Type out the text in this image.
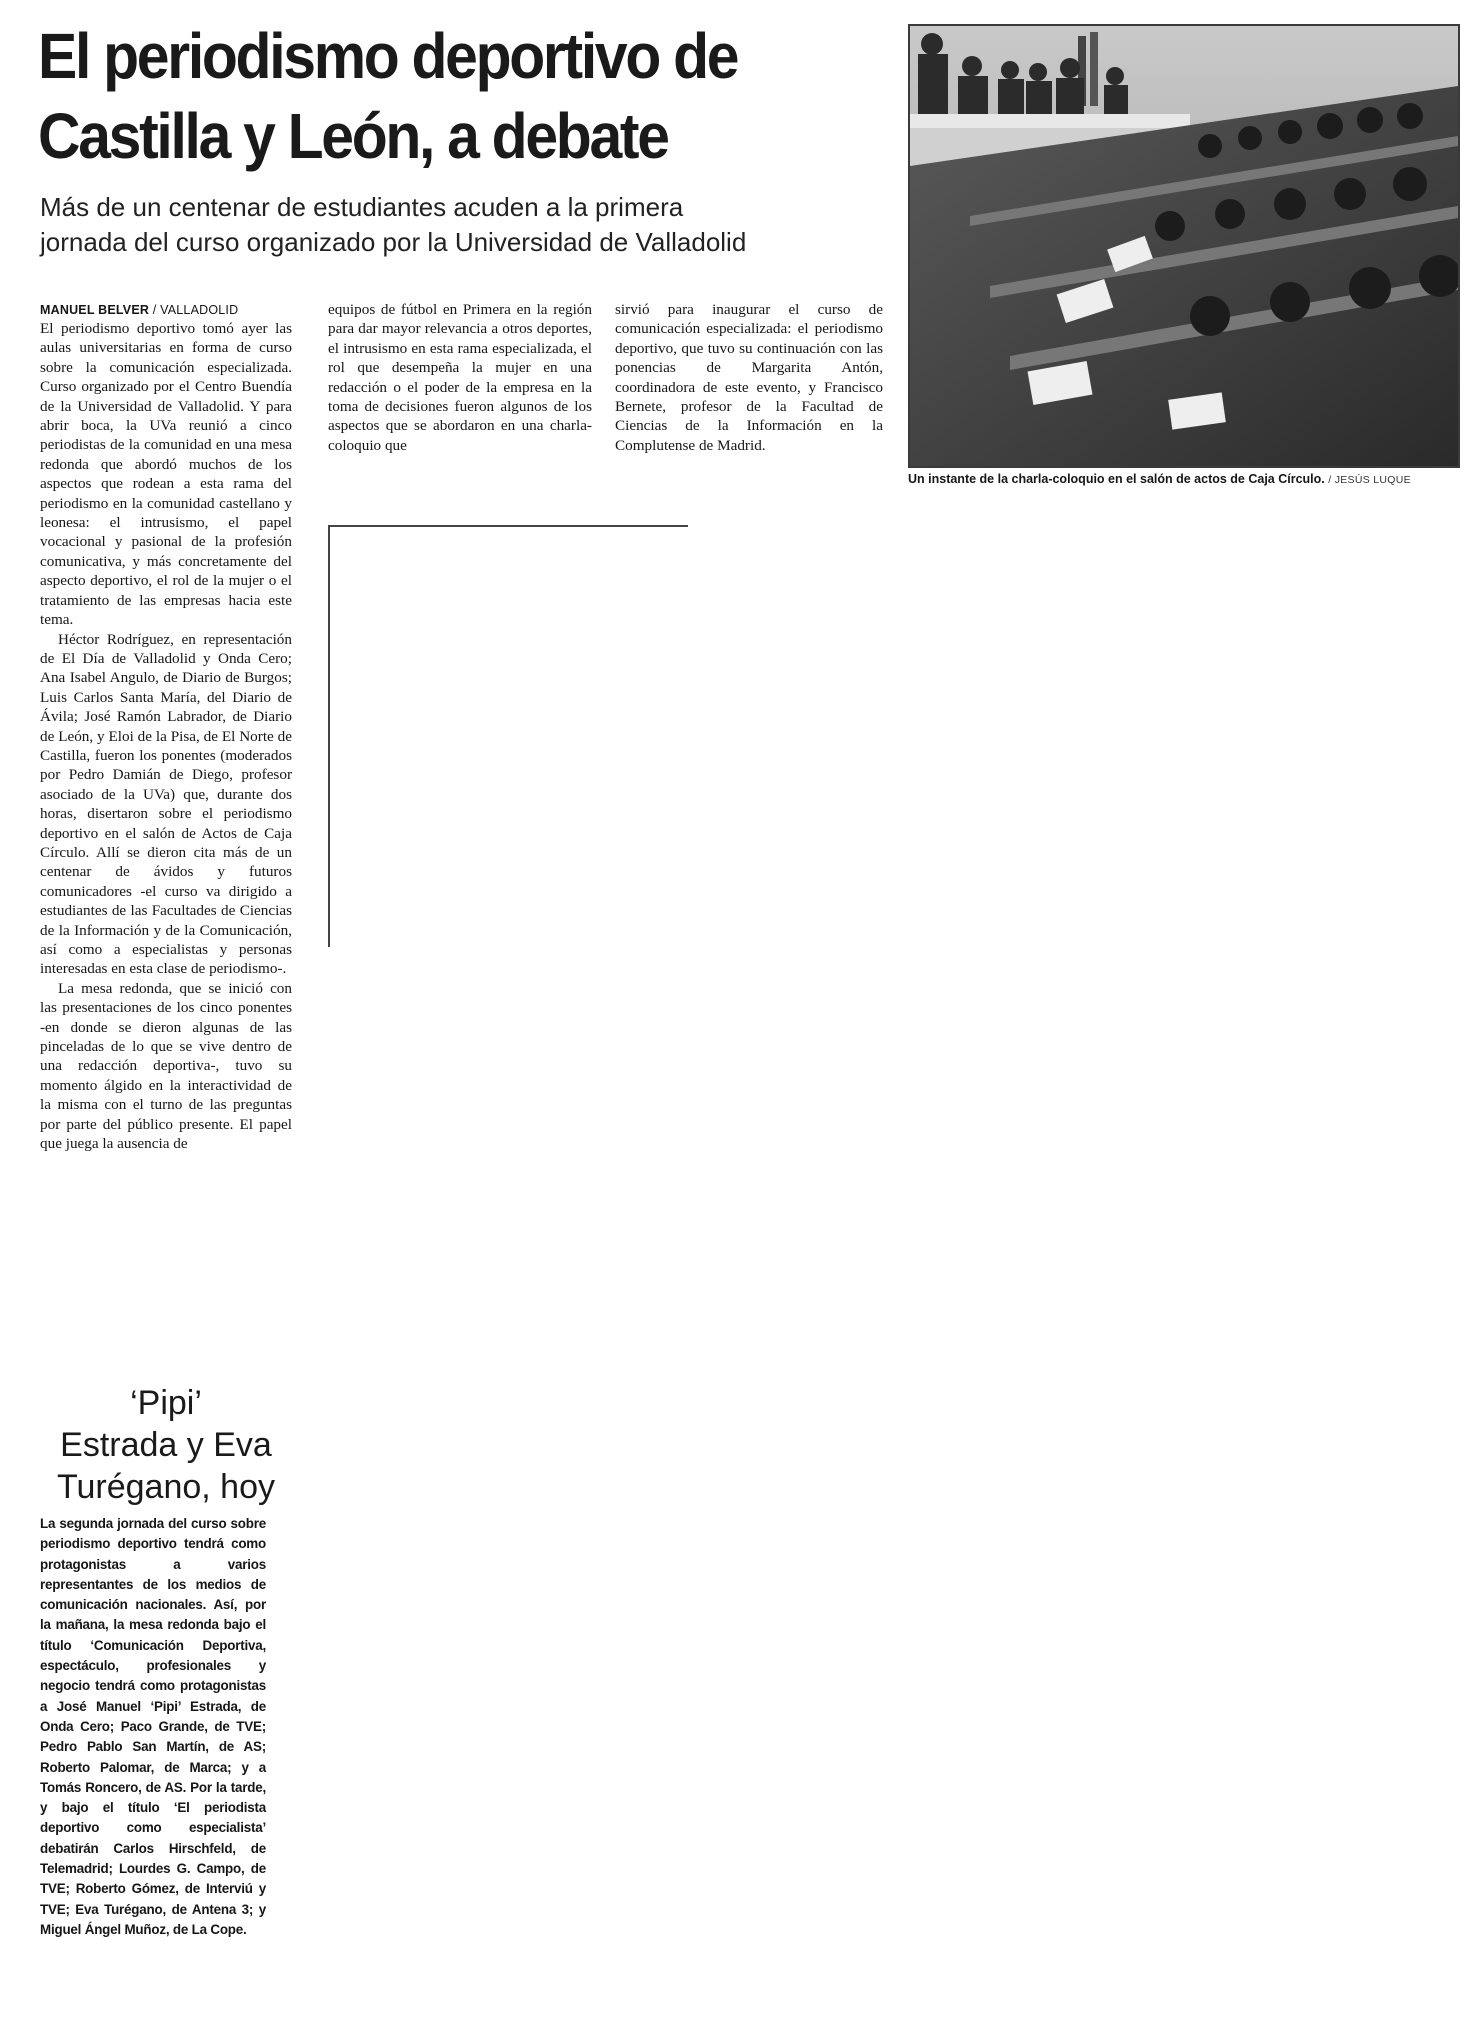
El periodismo deportivo de
Castilla y León, a debate
Más de un centenar de estudiantes acuden a la primera
jornada del curso organizado por la Universidad de Valladolid
MANUEL BELVER / VALLADOLID

El periodismo deportivo tomó ayer las aulas universitarias en forma de curso sobre la comunicación especializada. Curso organizado por el Centro Buendía de la Universidad de Valladolid. Y para abrir boca, la UVa reunió a cinco periodistas de la comunidad en una mesa redonda que abordó muchos de los aspectos que rodean a esta rama del periodismo en la comunidad castellano y leonesa: el intrusismo, el papel vocacional y pasional de la profesión comunicativa, y más concretamente del aspecto deportivo, el rol de la mujer o el tratamiento de las empresas hacia este tema.

Héctor Rodríguez, en representación de El Día de Valladolid y Onda Cero; Ana Isabel Angulo, de Diario de Burgos; Luis Carlos Santa María, del Diario de Ávila; José Ramón Labrador, de Diario de León, y Eloi de la Pisa, de El Norte de Castilla, fueron los ponentes (moderados por Pedro Damián de Diego, profesor asociado de la UVa) que, durante dos horas, disertaron sobre el periodismo deportivo en el salón de Actos de Caja Círculo. Allí se dieron cita más de un centenar de ávidos y futuros comunicadores -el curso va dirigido a estudiantes de las Facultades de Ciencias de la Información y de la Comunicación, así como a especialistas y personas interesadas en esta clase de periodismo-.

La mesa redonda, que se inició con las presentaciones de los cinco ponentes -en donde se dieron algunas de las pinceladas de lo que se vive dentro de una redacción deportiva-, tuvo su momento álgido en la interactividad de la misma con el turno de las preguntas por parte del público presente. El papel que juega la ausencia de

equipos de fútbol en Primera en la región para dar mayor relevancia a otros deportes, el intrusismo en esta rama especializada, el rol que desempeña la mujer en una redacción o el poder de la empresa en la toma de decisiones fueron algunos de los aspectos que se abordaron en una charla-coloquio que

sirvió para inaugurar el curso de comunicación especializada: el periodismo deportivo, que tuvo su continuación con las ponencias de Margarita Antón, coordinadora de este evento, y Francisco Bernete, profesor de la Facultad de Ciencias de la Información en la Complutense de Madrid.

Un instante de la charla-coloquio en el salón de actos de Caja Círculo. / JESÚS LUQUE
‘Pipi’
Estrada y Eva
Turégano, hoy
La segunda jornada del curso sobre periodismo deportivo tendrá como protagonistas a varios representantes de los medios de comunicación nacionales. Así, por la mañana, la mesa redonda bajo el título ‘Comunicación Deportiva, espectáculo, profesionales y negocio tendrá como protagonistas a José Manuel ‘Pipi’ Estrada, de Onda Cero; Paco Grande, de TVE; Pedro Pablo San Martín, de AS; Roberto Palomar, de Marca; y a Tomás Roncero, de AS. Por la tarde, y bajo el título ‘El periodista deportivo como especialista’ debatirán Carlos Hirschfeld, de Telemadrid; Lourdes G. Campo, de TVE; Roberto Gómez, de Interviú y TVE; Eva Turégano, de Antena 3; y Miguel Ángel Muñoz, de La Cope.
